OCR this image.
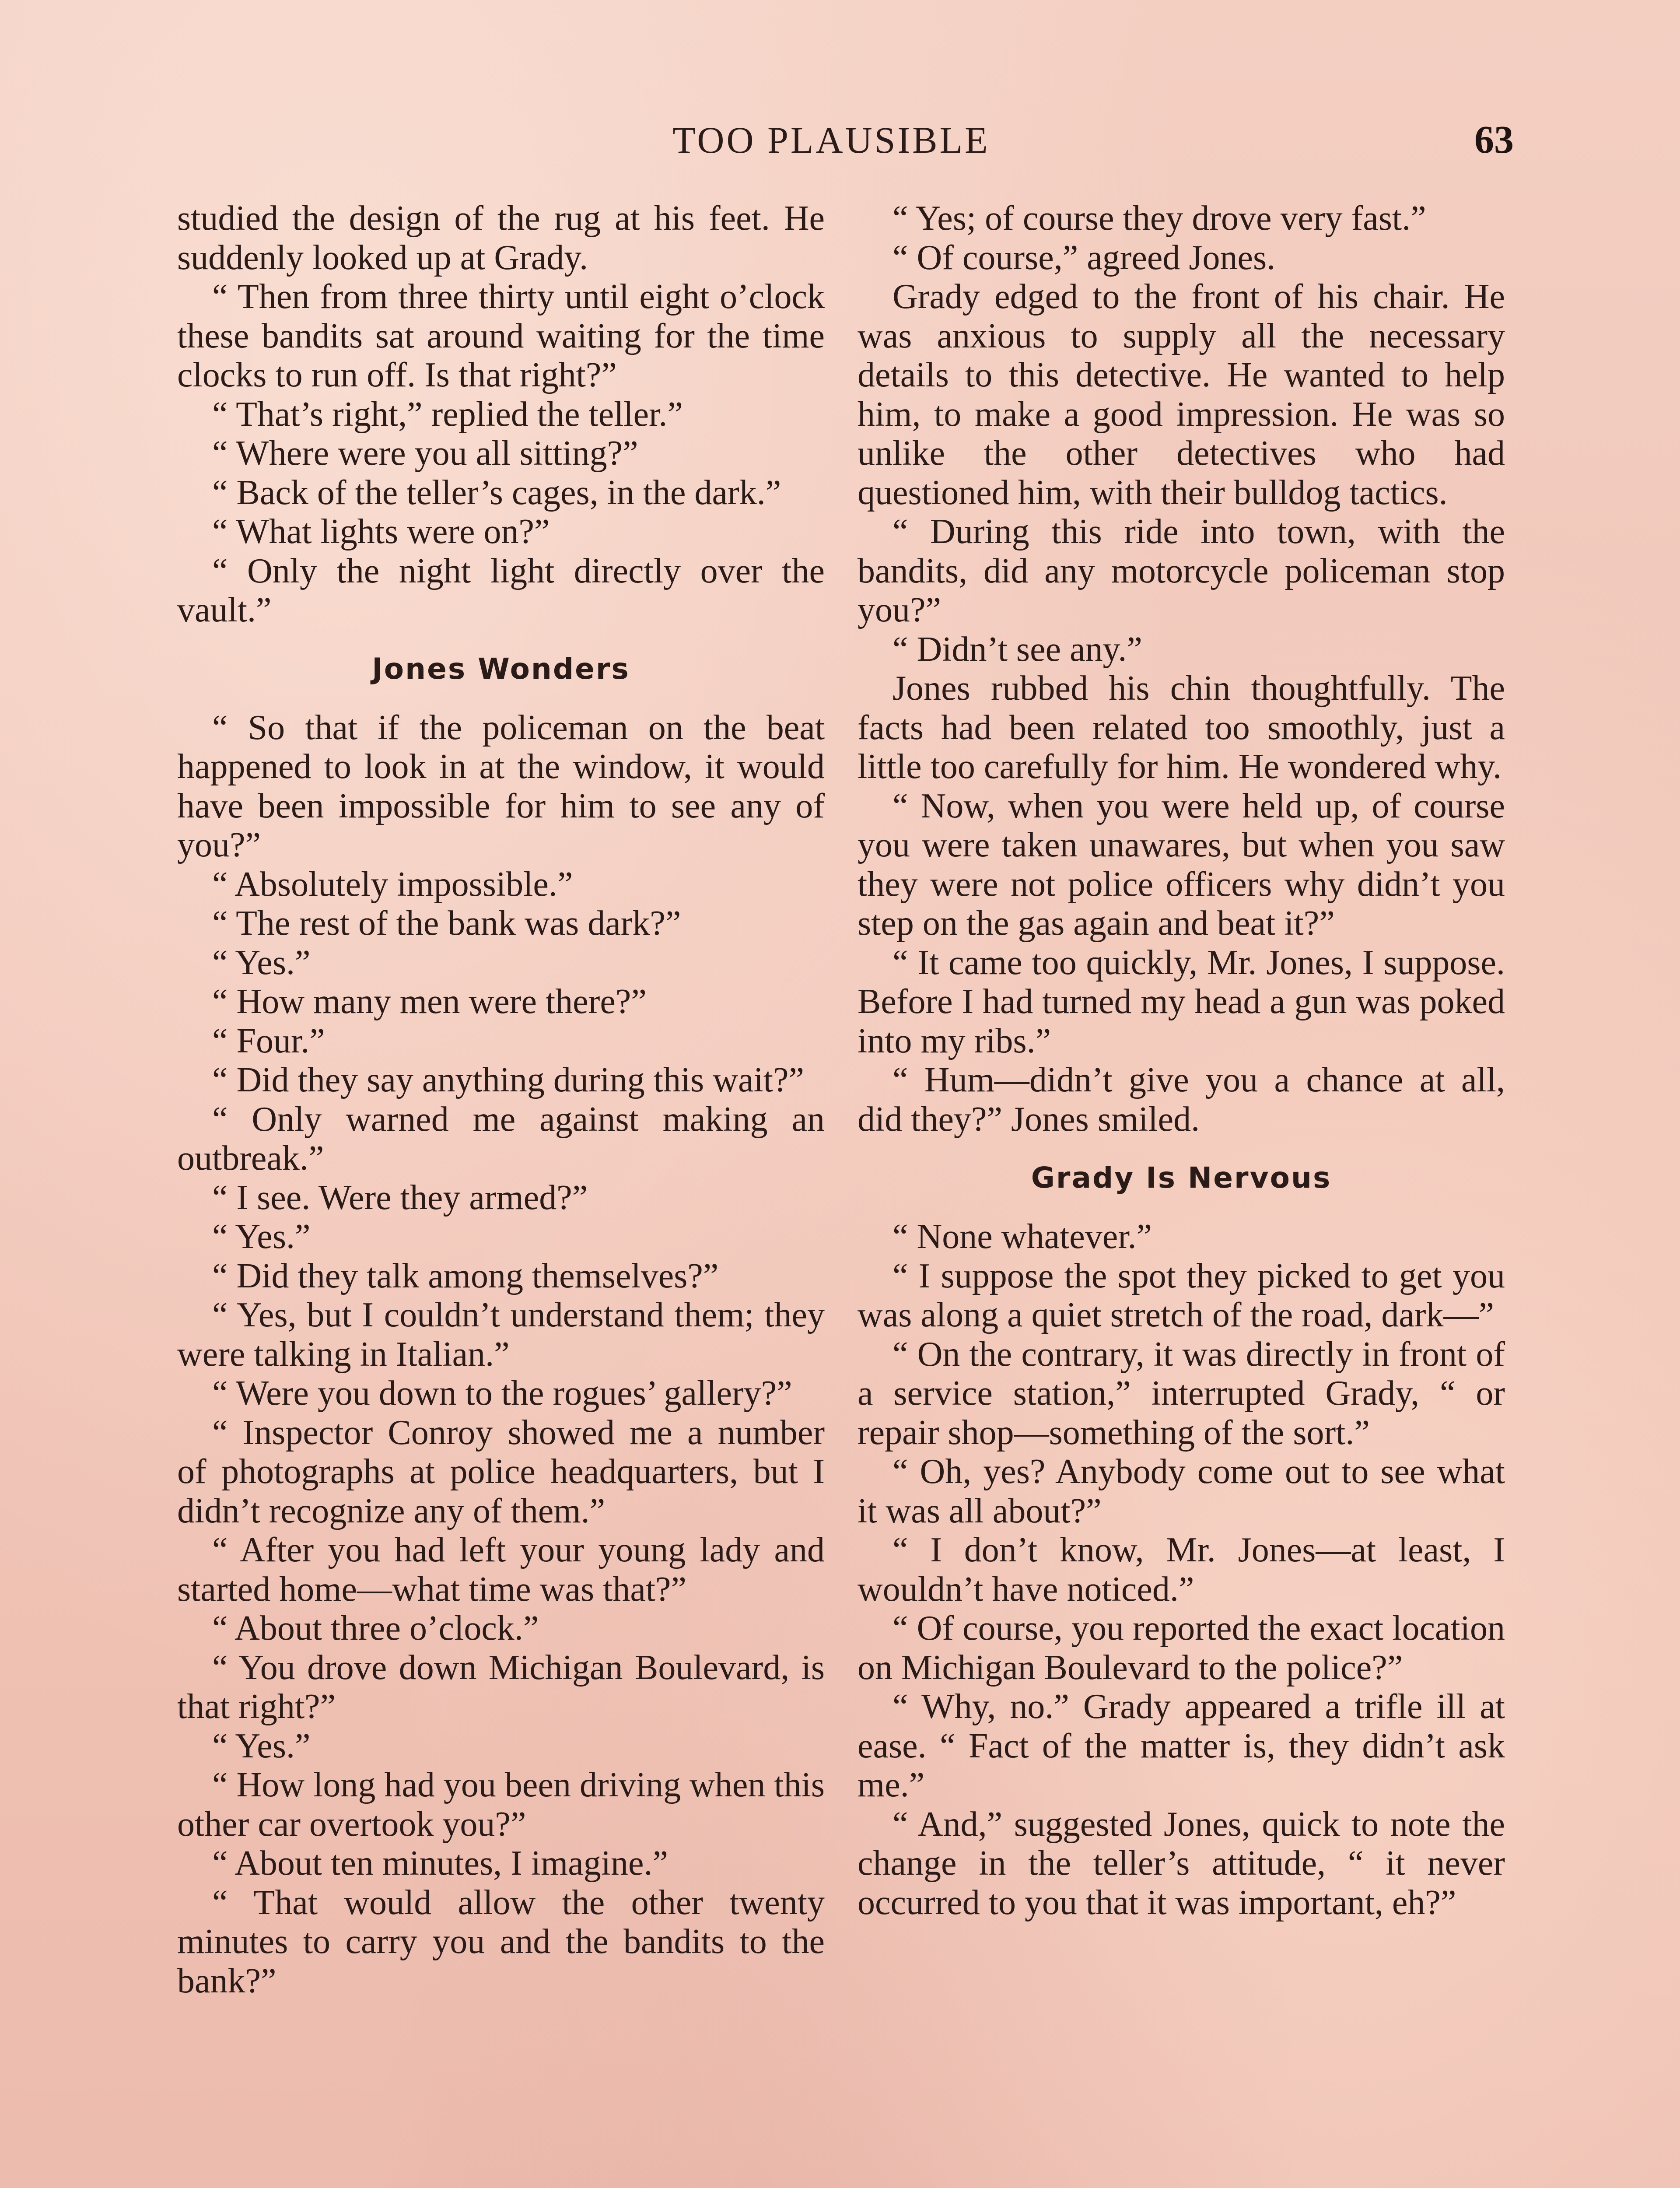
TOO PLAUSIBLE	63

studied the design of the rug at his feet. He suddenly looked up at Grady.

“ Then from three thirty until eight o’clock these bandits sat around waiting for the time clocks to run off. Is that right?”

“ That’s right,” replied the teller.”

“ Where were you all sitting?”

“ Back of the teller’s cages, in the dark.”

“ What lights were on?”

“ Only the night light directly over the vault.”

Jones Wonders

“ So that if the policeman on the beat happened to look in at the window, it would have been impossible for him to see any of you?”

“ Absolutely impossible.”

“ The rest of the bank was dark?”

“ Yes.”

“ How many men were there?”

“ Four.”

“ Did they say anything during this wait?”

“ Only warned me against making an outbreak.”

“ I see. Were they armed?”

“ Yes.”

“ Did they talk among themselves?”

“ Yes, but I couldn’t understand them; they were talking in Italian.”

“ Were you down to the rogues’ gallery?”

“ Inspector Conroy showed me a number of photographs at police headquarters, but I didn’t recognize any of them.”

“ After you had left your young lady and started home—what time was that?”

“ About three o’clock.”

“ You drove down Michigan Boulevard, is that right?”

“ Yes.”

“ How long had you been driving when this other car overtook you?”

“ About ten minutes, I imagine.”

“ That would allow the other twenty minutes to carry you and the bandits to the bank?”

“ Yes; of course they drove very fast.”

“ Of course,” agreed Jones.

Grady edged to the front of his chair. He was anxious to supply all the necessary details to this detective. He wanted to help him, to make a good impression. He was so unlike the other detectives who had questioned him, with their bulldog tactics.

“ During this ride into town, with the bandits, did any motorcycle policeman stop you?”

“ Didn’t see any.”

Jones rubbed his chin thoughtfully. The facts had been related too smoothly, just a little too carefully for him. He wondered why.

“ Now, when you were held up, of course you were taken unawares, but when you saw they were not police officers why didn’t you step on the gas again and beat it?”

“ It came too quickly, Mr. Jones, I suppose. Before I had turned my head a gun was poked into my ribs.”

“ Hum—didn’t give you a chance at all, did they?” Jones smiled.

Grady Is Nervous

“ None whatever.”

“ I suppose the spot they picked to get you was along a quiet stretch of the road, dark—”

“ On the contrary, it was directly in front of a service station,” interrupted Grady, “ or repair shop—something of the sort.”

“ Oh, yes? Anybody come out to see what it was all about?”

“ I don’t know, Mr. Jones—at least, I wouldn’t have noticed.”

“ Of course, you reported the exact location on Michigan Boulevard to the police?”

“ Why, no.” Grady appeared a trifle ill at ease. “ Fact of the matter is, they didn’t ask me.”

“ And,” suggested Jones, quick to note the change in the teller’s attitude, “ it never occurred to you that it was important, eh?”
